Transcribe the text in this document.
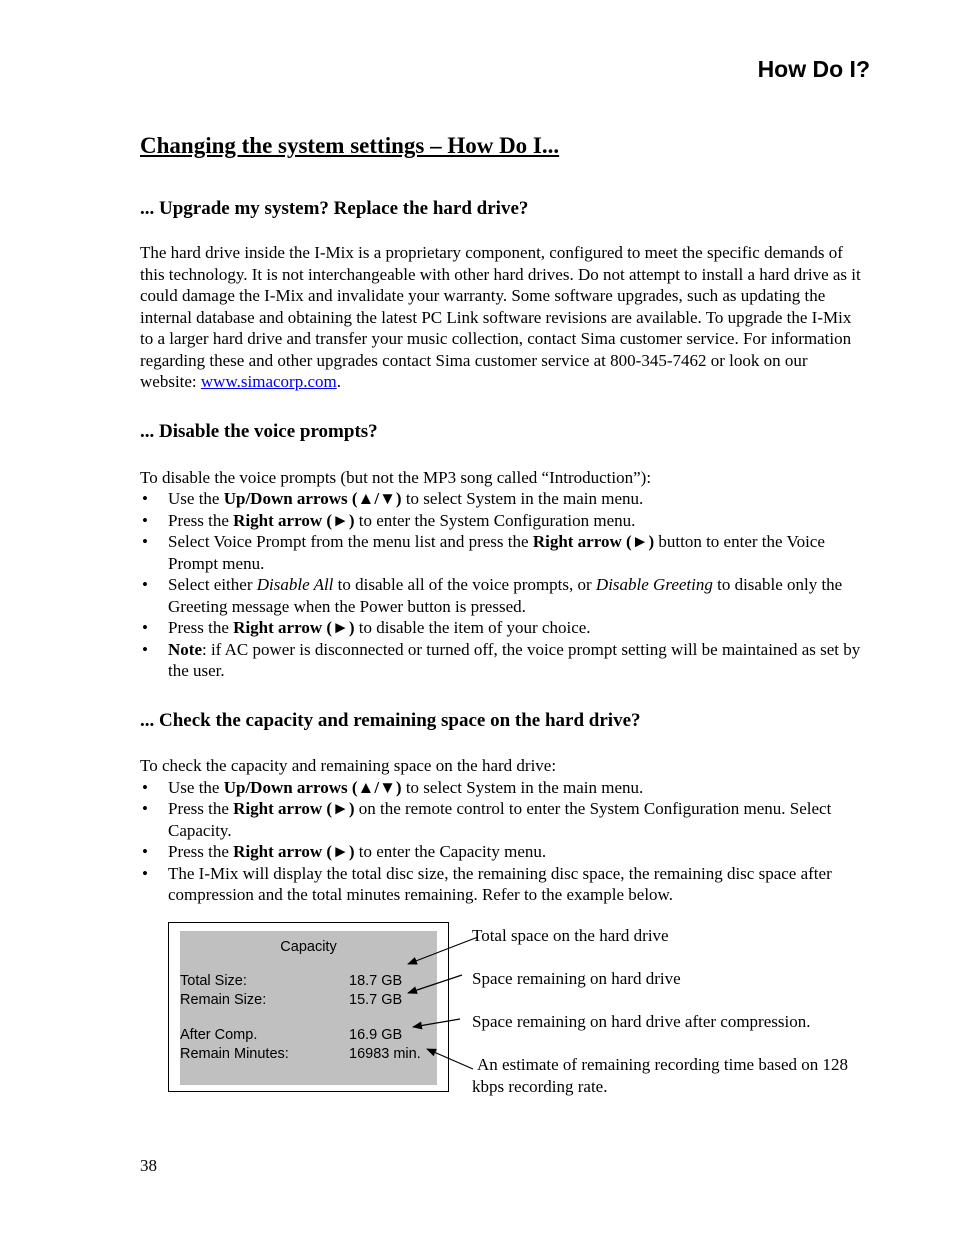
How Do I?
Changing the system settings – How Do I...
... Upgrade my system? Replace the hard drive?

The hard drive inside the I-Mix is a proprietary component, configured to meet the specific demands of this technology. It is not interchangeable with other hard drives. Do not attempt to install a hard drive as it could damage the I-Mix and invalidate your warranty. Some software upgrades, such as updating the internal database and obtaining the latest PC Link software revisions are available. To upgrade the I-Mix to a larger hard drive and transfer your music collection, contact Sima customer service. For information regarding these and other upgrades contact Sima customer service at 800-345-7462 or look on our website: www.simacorp.com.

... Disable the voice prompts?

To disable the voice prompts (but not the MP3 song called “Introduction”):

• Use the Up/Down arrows (▲/▼) to select System in the main menu.
• Press the Right arrow (►) to enter the System Configuration menu.
• Select Voice Prompt from the menu list and press the Right arrow (►) button to enter the Voice Prompt menu.
• Select either Disable All to disable all of the voice prompts, or Disable Greeting to disable only the Greeting message when the Power button is pressed.
• Press the Right arrow (►) to disable the item of your choice.
• Note: if AC power is disconnected or turned off, the voice prompt setting will be maintained as set by the user.
... Check the capacity and remaining space on the hard drive?

To check the capacity and remaining space on the hard drive:

• Use the Up/Down arrows (▲/▼) to select System in the main menu.
• Press the Right arrow (►) on the remote control to enter the System Configuration menu. Select Capacity.
• Press the Right arrow (►) to enter the Capacity menu.
• The I-Mix will display the total disc size, the remaining disc space, the remaining disc space after compression and the total minutes remaining. Refer to the example below.
Capacity
Total Size:	18.7 GB
Remain Size:	15.7 GB
After Comp.	16.9 GB
Remain Minutes:	16983 min.
Total space on the hard drive
Space remaining on hard drive
Space remaining on hard drive after compression.
An estimate of remaining recording time based on 128 kbps recording rate.
38
